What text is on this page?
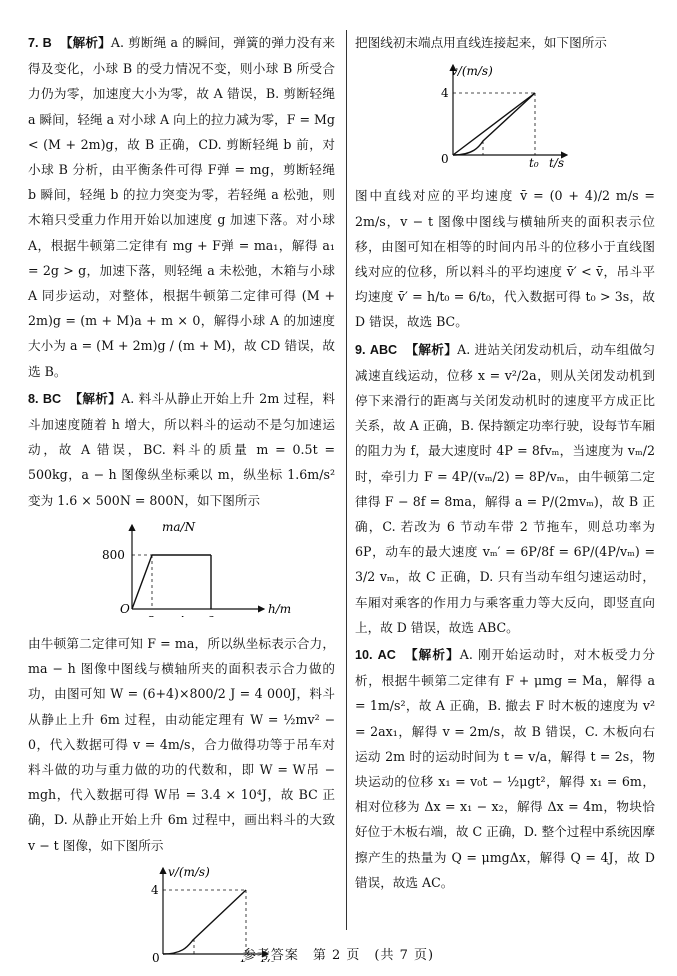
7. B 【解析】A. 剪断绳 a 的瞬间，弹簧的弹力没有来得及变化，小球 B 的受力情况不变，则小球 B 所受合力仍为零，加速度大小为零，故 A 错误，B. 剪断轻绳 a 瞬间，轻绳 a 对小球 A 向上的拉力减为零，F = Mg < (M + 2m)g，故 B 正确，CD. 剪断轻绳 b 前，对小球 B 分析，由平衡条件可得 F弹 = mg，剪断轻绳 b 瞬间，轻绳 b 的拉力突变为零，若轻绳 a 松弛，则木箱只受重力作用开始以加速度 g 加速下落。对小球 A，根据牛顿第二定律有 mg + F弹 = ma₁，解得 a₁ = 2g > g，加速下落，则轻绳 a 未松弛，木箱与小球 A 同步运动，对整体，根据牛顿第二定律可得 (M + 2m)g = (m + M)a + m × 0，解得小球 A 的加速度大小为 a = (M + 2m)g / (m + M)，故 CD 错误，故选 B。

8. BC 【解析】A. 料斗从静止开始上升 2m 过程，料斗加速度随着 h 增大，所以料斗的运动不是匀加速运动，故 A 错误，BC. 料斗的质量 m = 0.5t = 500kg，a − h 图像纵坐标乘以 m，纵坐标 1.6m/s² 变为 1.6 × 500N = 800N，如下图所示

ma/N
h/m
O
800

由牛顿第二定律可知 F = ma，所以纵坐标表示合力，ma − h 图像中图线与横轴所夹的面积表示合力做的功，由图可知 W = (6+4)×800/2 J = 4 000J，料斗从静止上升 6m 过程，由动能定理有 W = ½mv² − 0，代入数据可得 v = 4m/s，合力做得功等于吊车对料斗做的功与重力做的功的代数和，即 W = W吊 − mgh，代入数据可得 W吊 = 3.4 × 10⁴J，故 BC 正确，D. 从静止开始上升 6m 过程中，画出料斗的大致 v − t 图像，如下图所示

v/(m/s)
0
4

把图线初末端点用直线连接起来，如下图所示

v/(m/s)
t/s
0
4
t₀

图中直线对应的平均速度 v̄ = (0 + 4)/2 m/s = 2m/s，v − t 图像中图线与横轴所夹的面积表示位移，由图可知在相等的时间内吊斗的位移小于直线图线对应的位移，所以料斗的平均速度 v̄′ < v̄，吊斗平均速度 v̄′ = h/t₀ = 6/t₀，代入数据可得 t₀ > 3s，故 D 错误，故选 BC。

9. ABC 【解析】A. 进站关闭发动机后，动车组做匀减速直线运动，位移 x = v²/2a，则从关闭发动机到停下来滑行的距离与关闭发动机时的速度平方成正比关系，故 A 正确，B. 保持额定功率行驶，设每节车厢的阻力为 f，最大速度时 4P = 8fvₘ，当速度为 vₘ/2 时，牵引力 F = 4P/(vₘ/2) = 8P/vₘ，由牛顿第二定律得 F − 8f = 8ma，解得 a = P/(2mvₘ)，故 B 正确，C. 若改为 6 节动车带 2 节拖车，则总功率为 6P，动车的最大速度 vₘ′ = 6P/8f = 6P/(4P/vₘ) = 3/2 vₘ，故 C 正确，D. 只有当动车组匀速运动时，车厢对乘客的作用力与乘客重力等大反向，即竖直向上，故 D 错误，故选 ABC。

10. AC 【解析】A. 刚开始运动时，对木板受力分析，根据牛顿第二定律有 F + μmg = Ma，解得 a = 1m/s²，故 A 正确，B. 撤去 F 时木板的速度为 v² = 2ax₁，解得 v = 2m/s，故 B 错误，C. 木板向右运动 2m 时的运动时间为 t = v/a，解得 t = 2s，物块运动的位移 x₁ = v₀t − ½μgt²，解得 x₁ = 6m，相对位移为 Δx = x₁ − x₂，解得 Δx = 4m，物块恰好位于木板右端，故 C 正确，D. 整个过程中系统因摩擦产生的热量为 Q = μmgΔx，解得 Q = 4J，故 D 错误，故选 AC。

参考答案　第 2 页　(共 7 页)
